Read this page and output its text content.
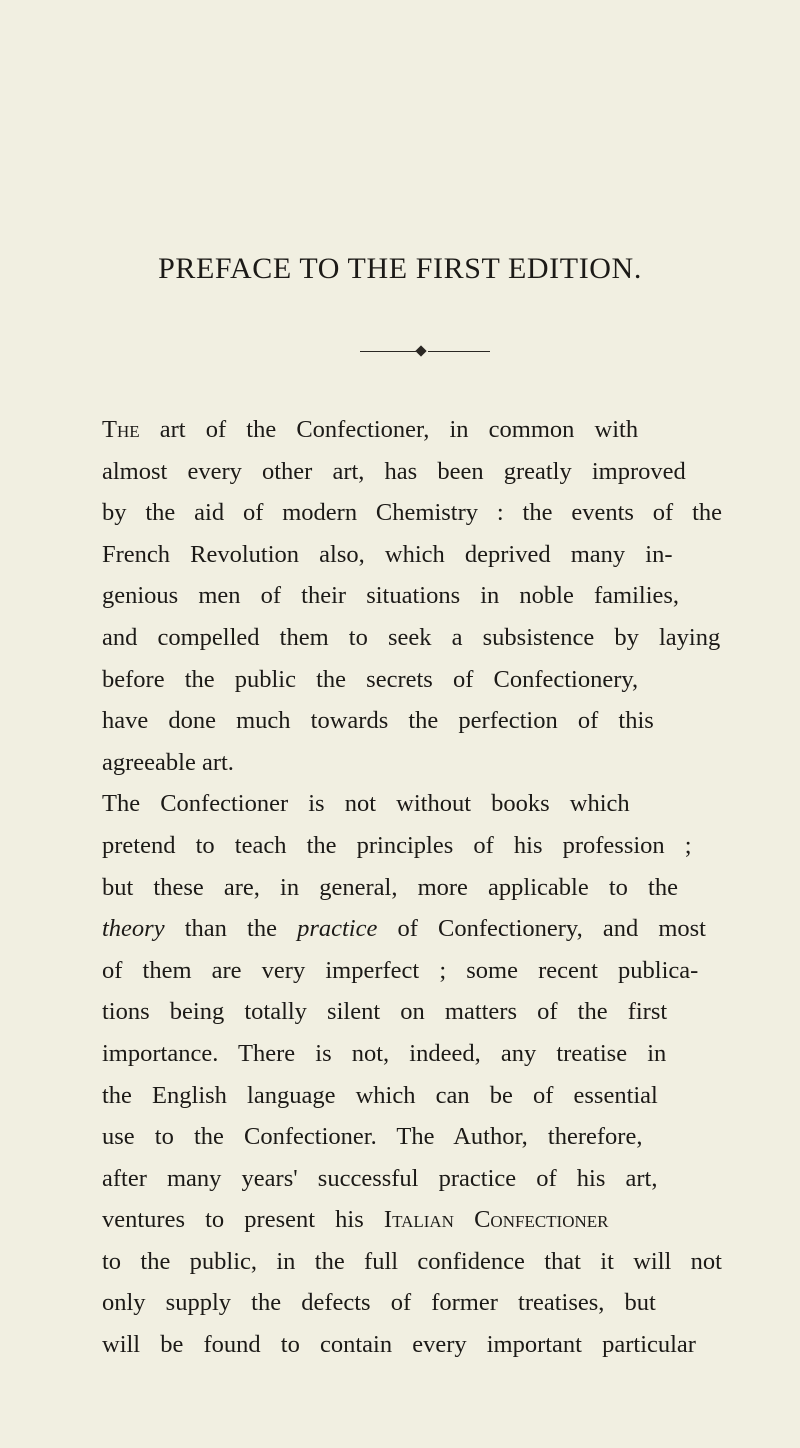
PREFACE TO THE FIRST EDITION.
The art of the Confectioner, in common with
almost every other art, has been greatly improved
by the aid of modern Chemistry : the events of the
French Revolution also, which deprived many in-
genious men of their situations in noble families,
and compelled them to seek a subsistence by laying
before the public the secrets of Confectionery,
have done much towards the perfection of this
agreeable art.
The Confectioner is not without books which
pretend to teach the principles of his profession ;
but these are, in general, more applicable to the
theory than the practice of Confectionery, and most
of them are very imperfect ; some recent publica-
tions being totally silent on matters of the first
importance. There is not, indeed, any treatise in
the English language which can be of essential
use to the Confectioner. The Author, therefore,
after many years' successful practice of his art,
ventures to present his Italian Confectioner
to the public, in the full confidence that it will not
only supply the defects of former treatises, but
will be found to contain every important particular
